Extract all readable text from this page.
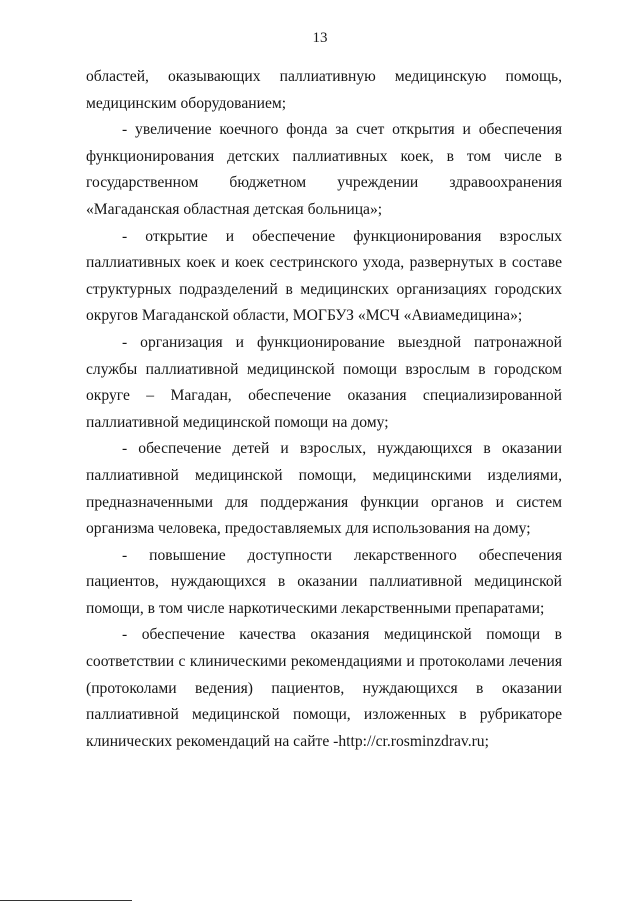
13

областей, оказывающих паллиативную медицинскую помощь, медицинским оборудованием;

- увеличение коечного фонда за счет открытия и обеспечения функционирования детских паллиативных коек, в том числе в государственном бюджетном учреждении здравоохранения «Магаданская областная детская больница»;

- открытие и обеспечение функционирования взрослых паллиативных коек и коек сестринского ухода, развернутых в составе структурных подразделений в медицинских организациях городских округов Магаданской области, МОГБУЗ «МСЧ «Авиамедицина»;

- организация и функционирование выездной патронажной службы паллиативной медицинской помощи взрослым в городском округе – Магадан, обеспечение оказания специализированной паллиативной медицинской помощи на дому;

- обеспечение детей и взрослых, нуждающихся в оказании паллиативной медицинской помощи, медицинскими изделиями, предназначенными для поддержания функции органов и систем организма человека, предоставляемых для использования на дому;

- повышение доступности лекарственного обеспечения пациентов, нуждающихся в оказании паллиативной медицинской помощи, в том числе наркотическими лекарственными препаратами;

- обеспечение качества оказания медицинской помощи в соответствии с клиническими рекомендациями и протоколами лечения (протоколами ведения) пациентов, нуждающихся в оказании паллиативной медицинской помощи, изложенных в рубрикаторе клинических рекомендаций на сайте -http://cr.rosminzdrav.ru;
